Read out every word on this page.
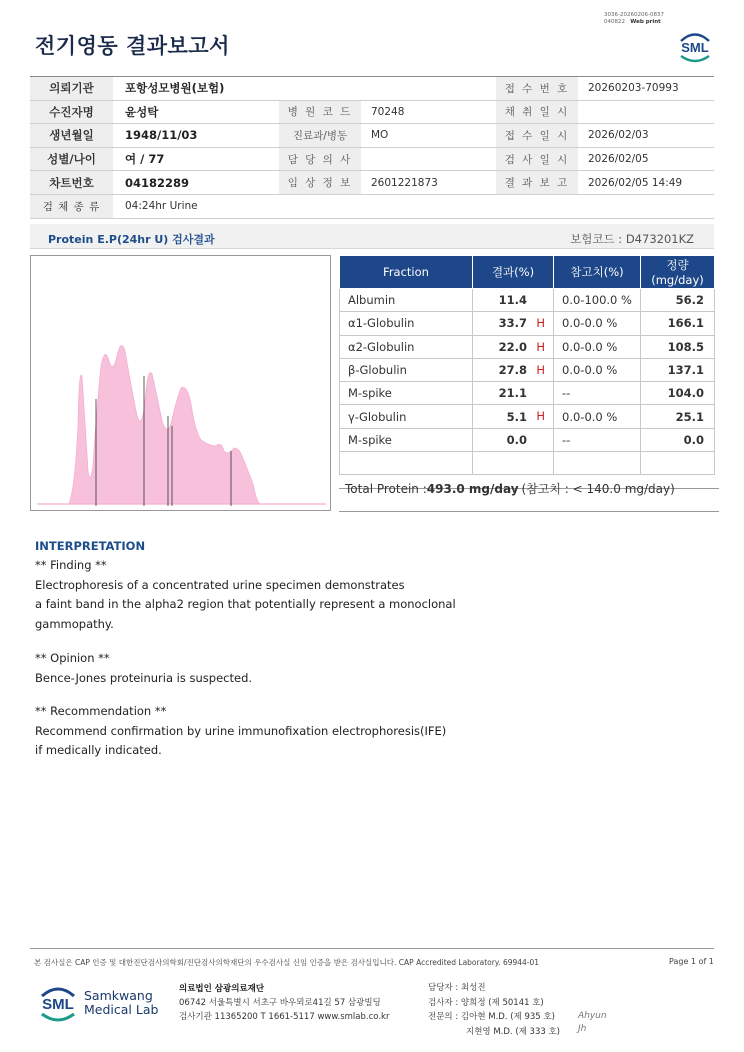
전기영동 결과보고서
3036-20260206-0837
040822 Web print
SML
의뢰기관	포항성모병원(보험)			접 수 번 호	20260203-70993
수진자명	윤성탁	병 원 코 드	70248	채 취 일 시	
생년월일	1948/11/03	진료과/병동	MO	접 수 일 시	2026/02/03
성별/나이	여 / 77	담 당 의 사		검 사 일 시	2026/02/05
차트번호	04182289	임 상 정 보	2601221873	결 과 보 고	2026/02/05 14:49
검 체 종 류	04:24hr Urine				
Protein E.P(24hr U) 검사결과	보험코드 : D473201KZ
Fraction	결과(%)	참고치(%)	정량(mg/day)
Albumin	11.4	0.0-100.0 %	56.2
α1-Globulin	33.7 H	0.0-0.0 %	166.1
α2-Globulin	22.0 H	0.0-0.0 %	108.5
β-Globulin	27.8 H	0.0-0.0 %	137.1
M-spike	21.1	--	104.0
γ-Globulin	5.1 H	0.0-0.0 %	25.1
M-spike	0.0	--	0.0

Total Protein :493.0 mg/day(참고치 : < 140.0 mg/day)
INTERPRETATION
** Finding **
Electrophoresis of a concentrated urine specimen demonstrates
a faint band in the alpha2 region that potentially represent a monoclonal
gammopathy.
** Opinion **
Bence-Jones proteinuria is suspected.
** Recommendation **
Recommend confirmation by urine immunofixation electrophoresis(IFE)
if medically indicated.
본 검사실은 CAP 인증 및 대한진단검사의학회/진단검사의학재단의 우수검사실 신임 인증을 받은 검사실입니다. CAP Accredited Laboratory. 69944-01	Page 1 of 1
SML
Samkwang
Medical Lab
의료법인 삼광의료재단
06742 서울특별시 서초구 바우뫼로41길 57 삼광빌딩
검사기관 11365200 T 1661-5117 www.smlab.co.kr
담당자 : 최성진
검사자 : 양희정 (제 50141 호)
전문의 : 김아현 M.D. (제 935 호)
지현영 M.D. (제 333 호)
Ahyun
Jh
